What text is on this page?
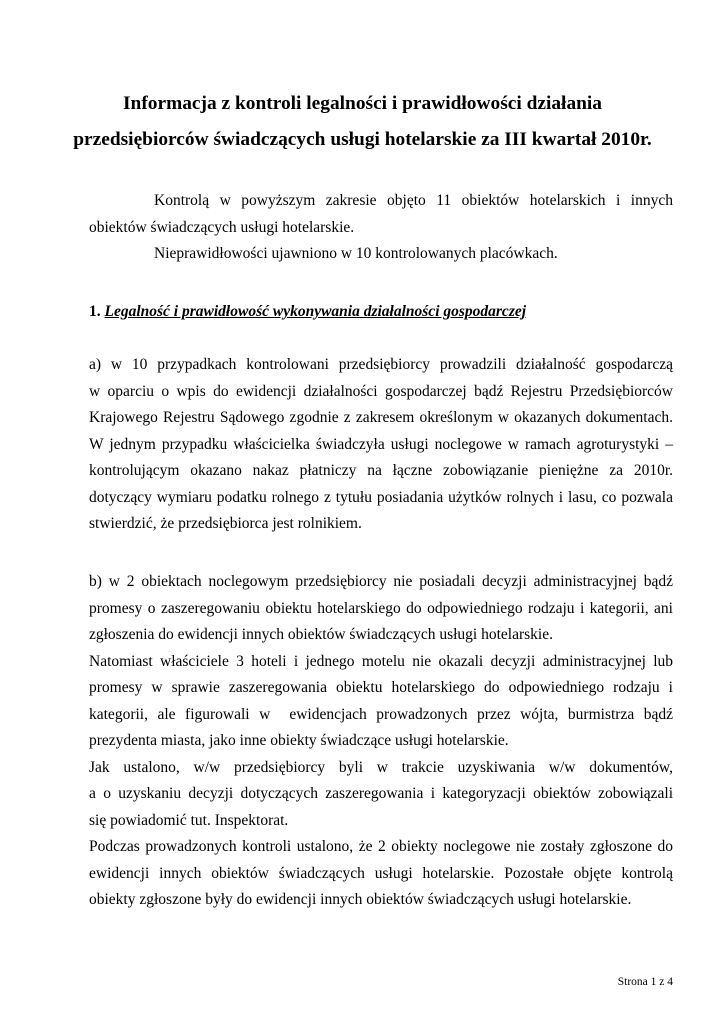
Informacja z kontroli legalności i prawidłowości działania
przedsiębiorców świadczących usługi hotelarskie za III kwartał 2010r.

Kontrolą w powyższym zakresie objęto 11 obiektów hotelarskich i innych
obiektów świadczących usługi hotelarskie.
Nieprawidłowości ujawniono w 10 kontrolowanych placówkach.

1. Legalność i prawidłowość wykonywania działalności gospodarczej

a) w 10 przypadkach kontrolowani przedsiębiorcy prowadzili działalność gospodarczą
w oparciu o wpis do ewidencji działalności gospodarczej bądź Rejestru Przedsiębiorców
Krajowego Rejestru Sądowego zgodnie z zakresem określonym w okazanych dokumentach.
W jednym przypadku właścicielka świadczyła usługi noclegowe w ramach agroturystyki –
kontrolującym okazano nakaz płatniczy na łączne zobowiązanie pieniężne za 2010r.
dotyczący wymiaru podatku rolnego z tytułu posiadania użytków rolnych i lasu, co pozwala
stwierdzić, że przedsiębiorca jest rolnikiem.

b) w 2 obiektach noclegowym przedsiębiorcy nie posiadali decyzji administracyjnej bądź
promesy o zaszeregowaniu obiektu hotelarskiego do odpowiedniego rodzaju i kategorii, ani
zgłoszenia do ewidencji innych obiektów świadczących usługi hotelarskie.
Natomiast właściciele 3 hoteli i jednego motelu nie okazali decyzji administracyjnej lub
promesy w sprawie zaszeregowania obiektu hotelarskiego do odpowiedniego rodzaju i
kategorii, ale figurowali w  ewidencjach prowadzonych przez wójta, burmistrza bądź
prezydenta miasta, jako inne obiekty świadczące usługi hotelarskie.
Jak ustalono, w/w przedsiębiorcy byli w trakcie uzyskiwania w/w dokumentów,
a o uzyskaniu decyzji dotyczących zaszeregowania i kategoryzacji obiektów zobowiązali
się powiadomić tut. Inspektorat.
Podczas prowadzonych kontroli ustalono, że 2 obiekty noclegowe nie zostały zgłoszone do
ewidencji innych obiektów świadczących usługi hotelarskie. Pozostałe objęte kontrolą
obiekty zgłoszone były do ewidencji innych obiektów świadczących usługi hotelarskie.

Strona 1 z 4
